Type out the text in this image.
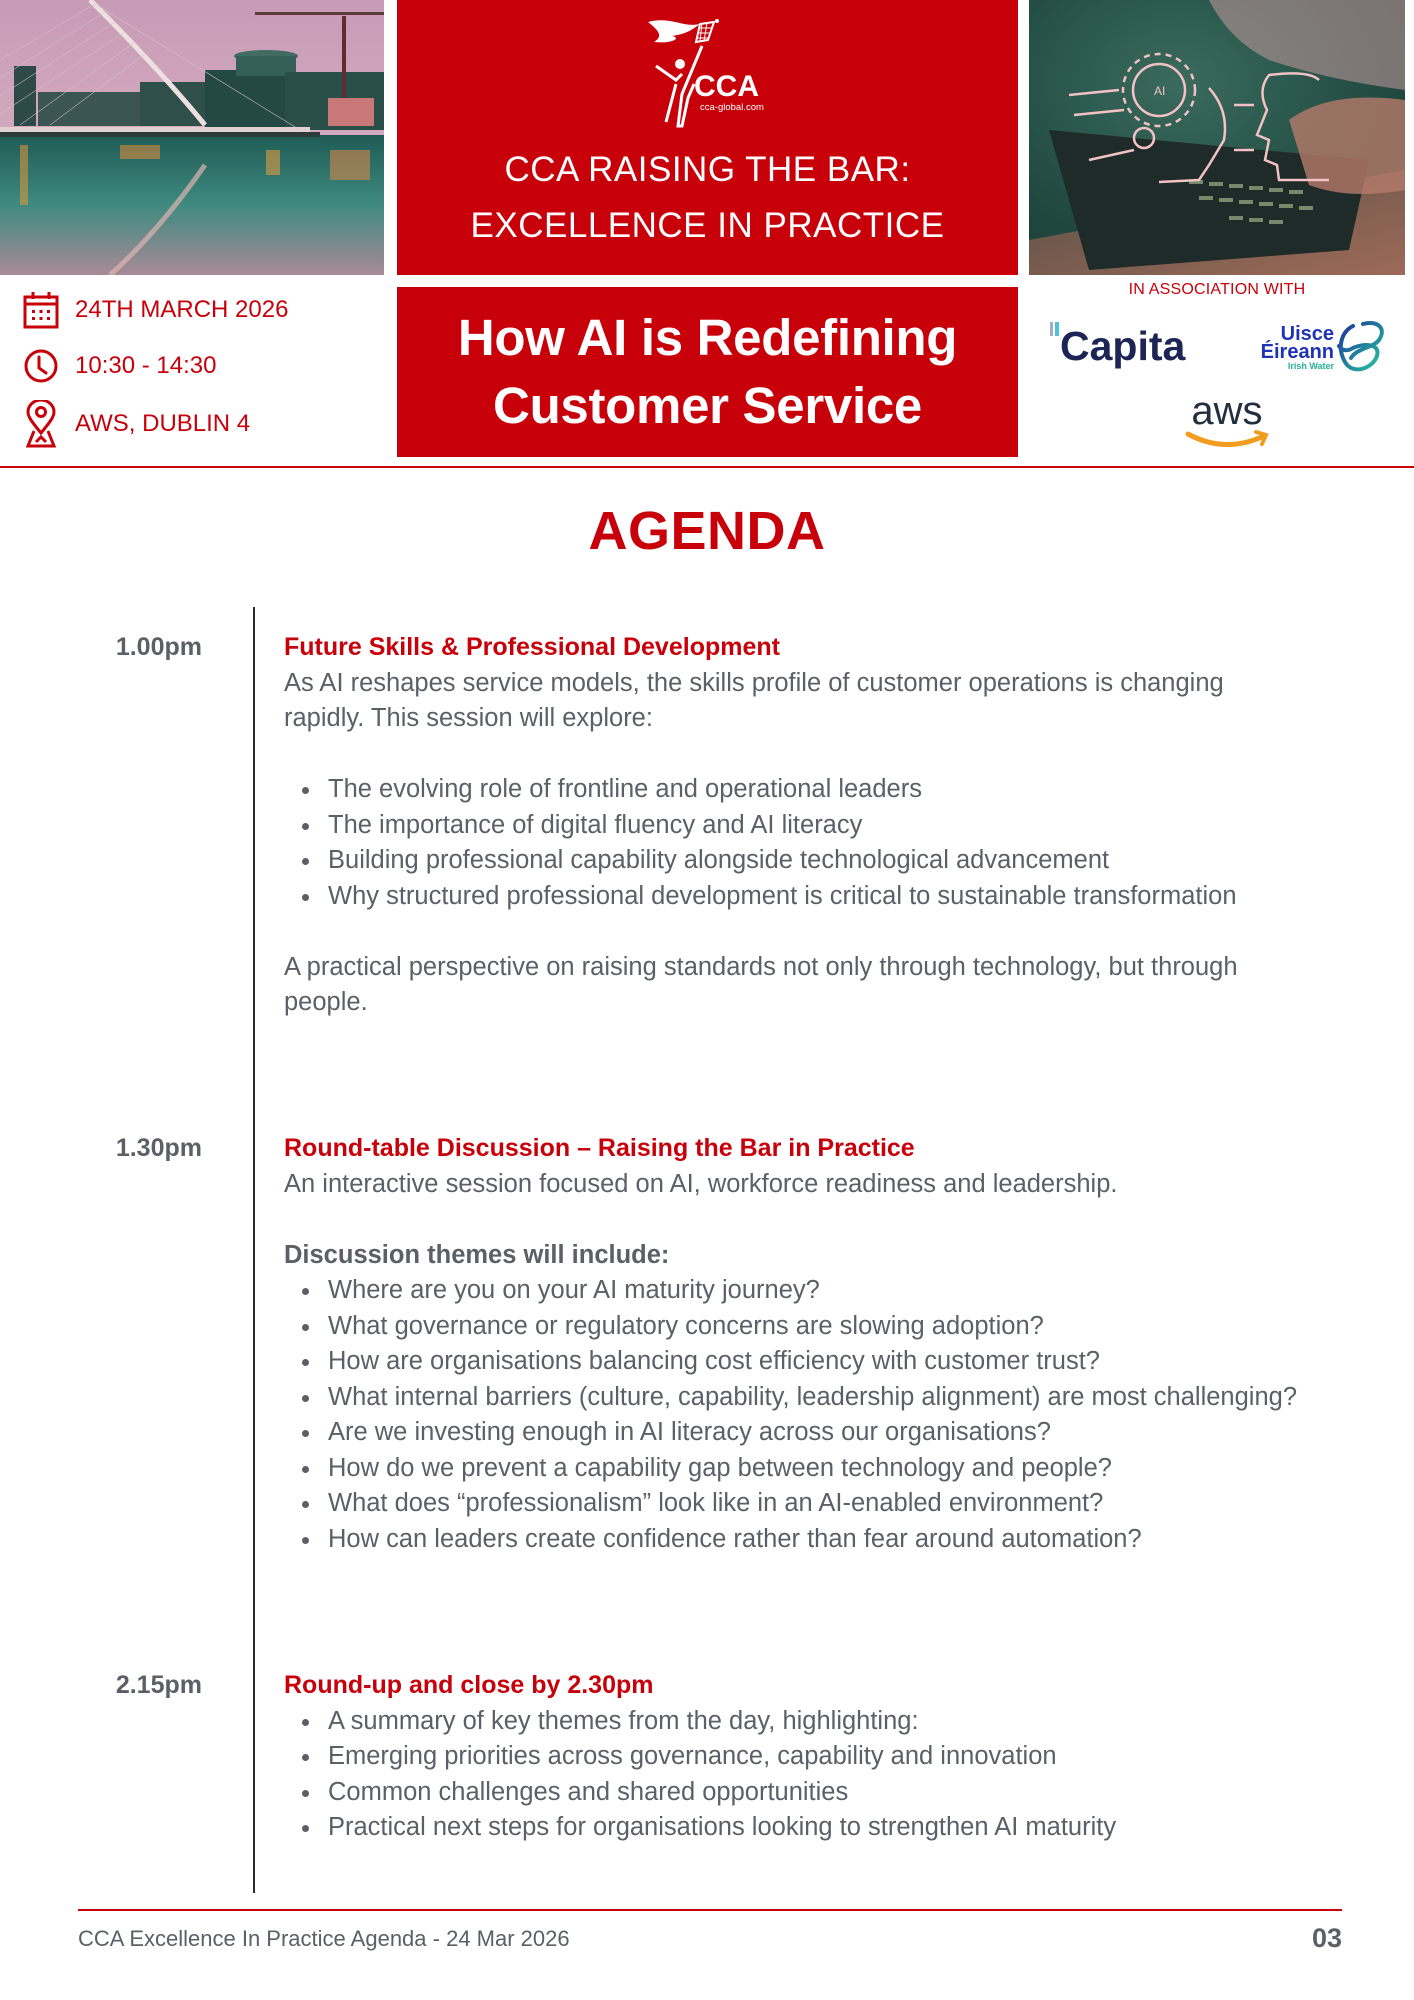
CCA
cca-global.com
CCA RAISING THE BAR:
EXCELLENCE IN PRACTICE
AI
24TH MARCH 2026
10:30 - 14:30
AWS, DUBLIN 4
How AI is Redefining
Customer Service
IN ASSOCIATION WITH
Capita	Uisce
Éireann
Irish Water
aws
AGENDA
1.00pm	Future Skills & Professional Development

As AI reshapes service models, the skills profile of customer operations is changing rapidly. This session will explore:

The evolving role of frontline and operational leaders
The importance of digital fluency and AI literacy
Building professional capability alongside technological advancement
Why structured professional development is critical to sustainable transformation

A practical perspective on raising standards not only through technology, but through people.

1.30pm	Round-table Discussion – Raising the Bar in Practice

An interactive session focused on AI, workforce readiness and leadership.

Discussion themes will include:

Where are you on your AI maturity journey?
What governance or regulatory concerns are slowing adoption?
How are organisations balancing cost efficiency with customer trust?
What internal barriers (culture, capability, leadership alignment) are most challenging?
Are we investing enough in AI literacy across our organisations?
How do we prevent a capability gap between technology and people?
What does “professionalism” look like in an AI-enabled environment?
How can leaders create confidence rather than fear around automation?
2.15pm	Round-up and close by 2.30pm
A summary of key themes from the day, highlighting:
Emerging priorities across governance, capability and innovation
Common challenges and shared opportunities
Practical next steps for organisations looking to strengthen AI maturity
CCA Excellence In Practice Agenda - 24 Mar 2026	03
